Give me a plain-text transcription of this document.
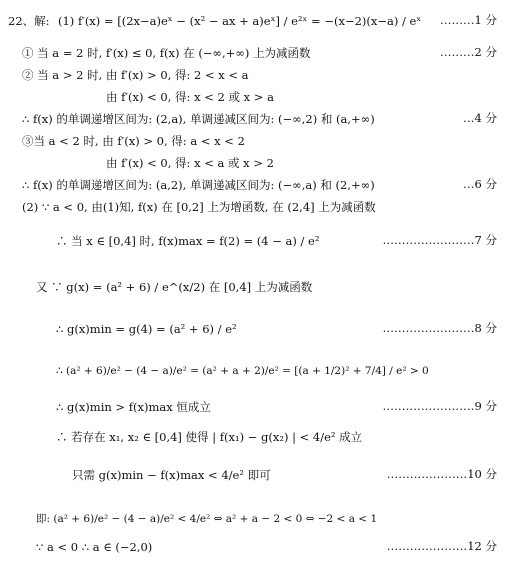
22、解: (1) f′(x) = [(2x−a)eˣ − (x² − ax + a)eˣ] / e²ˣ = −(x−2)(x−a) / eˣ	………1 分
① 当 a = 2 时, f′(x) ≤ 0, f(x) 在 (−∞,+∞) 上为减函数	………2 分
② 当 a > 2 时, 由 f′(x) > 0, 得: 2 < x < a
由 f′(x) < 0, 得: x < 2 或 x > a
∴ f(x) 的单调递增区间为: (2,a), 单调递减区间为: (−∞,2) 和 (a,+∞)	…4 分
③当 a < 2 时, 由 f′(x) > 0, 得: a < x < 2
由 f′(x) < 0, 得: x < a 或 x > 2
∴ f(x) 的单调递增区间为: (a,2), 单调递减区间为: (−∞,a) 和 (2,+∞)	…6 分
(2) ∵ a < 0, 由(1)知, f(x) 在 [0,2] 上为增函数, 在 (2,4] 上为减函数
∴ 当 x ∈ [0,4] 时, f(x)max = f(2) = (4 − a) / e²	……………………7 分
又 ∵ g(x) = (a² + 6) / e^(x/2) 在 [0,4] 上为减函数
∴ g(x)min = g(4) = (a² + 6) / e²	……………………8 分
∴ (a² + 6)/e² − (4 − a)/e² = (a² + a + 2)/e² = [(a + 1/2)² + 7/4] / e² > 0
∴ g(x)min > f(x)max 恒成立	……………………9 分
∴ 若存在 x₁, x₂ ∈ [0,4] 使得 | f(x₁) − g(x₂) | < 4/e² 成立
只需 g(x)min − f(x)max < 4/e² 即可	…………………10 分
即: (a² + 6)/e² − (4 − a)/e² < 4/e² ⇔ a² + a − 2 < 0 ⇔ −2 < a < 1
∵ a < 0 ∴ a ∈ (−2,0)	…………………12 分
